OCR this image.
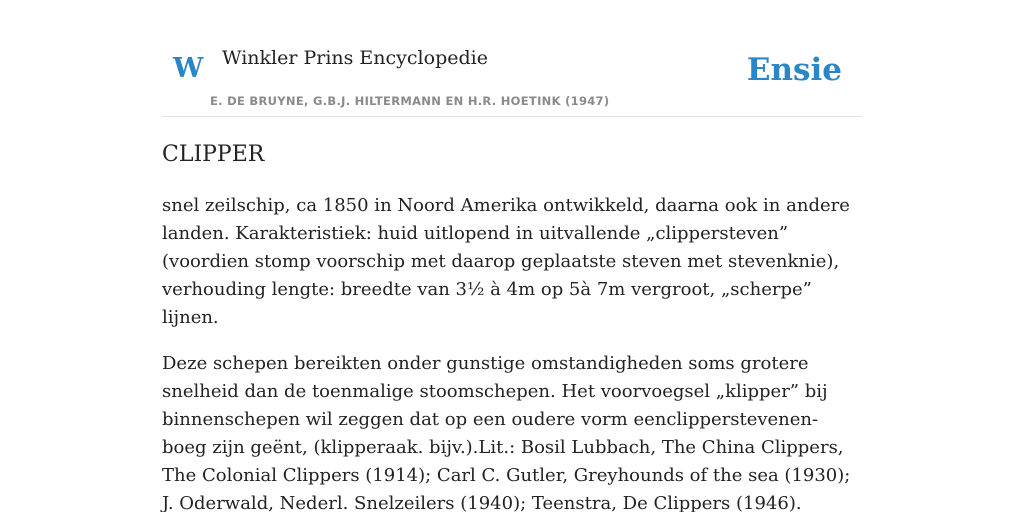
W Winkler Prins Encyclopedie
E. DE BRUYNE, G.B.J. HILTERMANN EN H.R. HOETINK (1947)
Ensie
CLIPPER

snel zeilschip, ca 1850 in Noord Amerika ontwikkeld, daarna ook in andere landen. Karakteristiek: huid uitlopend in uitvallende „clippersteven” (voordien stomp voorschip met daarop geplaatste steven met stevenknie), verhouding lengte: breedte van 3½ à 4m op 5à 7m vergroot, „scherpe” lijnen.

Deze schepen bereikten onder gunstige omstandigheden soms grotere snelheid dan de toenmalige stoomschepen. Het voorvoegsel „klipper” bij binnenschepen wil zeggen dat op een oudere vorm eenclipperstevenen-boeg zijn geënt, (klipperaak. bijv.).Lit.: Bosil Lubbach, The China Clippers, The Colonial Clippers (1914); Carl C. Gutler, Greyhounds of the sea (1930); J. Oderwald, Nederl. Snelzeilers (1940); Teenstra, De Clippers (1946).
